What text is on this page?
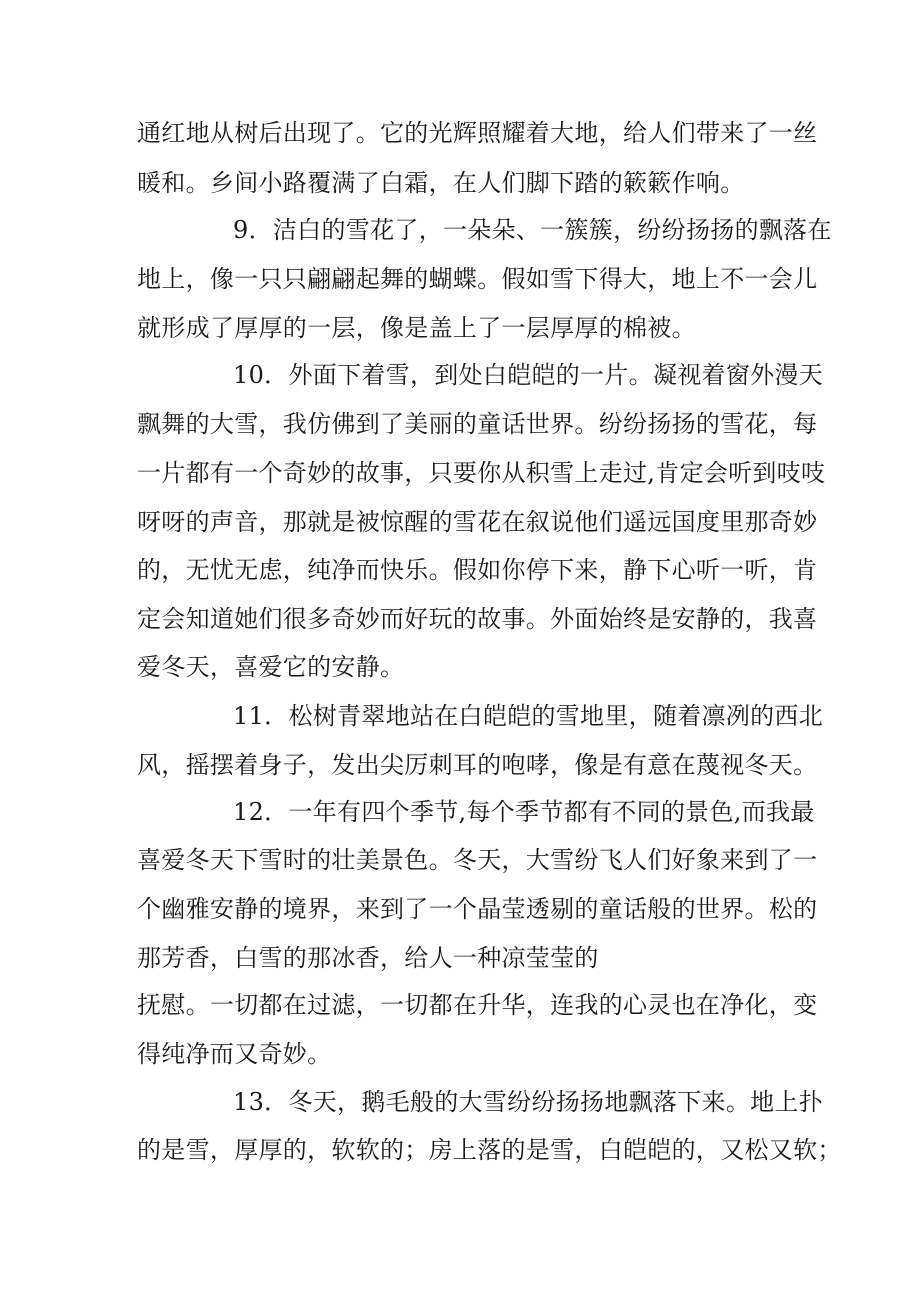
通红地从树后出现了。它的光辉照耀着大地，给人们带来了一丝
暖和。乡间小路覆满了白霜，在人们脚下踏的簌簌作响。
9．洁白的雪花了，一朵朵、一簇簇，纷纷扬扬的飘落在
地上，像一只只翩翩起舞的蝴蝶。假如雪下得大，地上不一会儿
就形成了厚厚的一层，像是盖上了一层厚厚的棉被。
10．外面下着雪，到处白皑皑的一片。凝视着窗外漫天
飘舞的大雪，我仿佛到了美丽的童话世界。纷纷扬扬的雪花，每
一片都有一个奇妙的故事，只要你从积雪上走过,肯定会听到吱吱
呀呀的声音，那就是被惊醒的雪花在叙说他们遥远国度里那奇妙
的，无忧无虑，纯净而快乐。假如你停下来，静下心听一听，肯
定会知道她们很多奇妙而好玩的故事。外面始终是安静的，我喜
爱冬天，喜爱它的安静。
11．松树青翠地站在白皑皑的雪地里，随着凛冽的西北
风，摇摆着身子，发出尖厉刺耳的咆哮，像是有意在蔑视冬天。
12．一年有四个季节,每个季节都有不同的景色,而我最
喜爱冬天下雪时的壮美景色。冬天，大雪纷飞人们好象来到了一
个幽雅安静的境界，来到了一个晶莹透剔的童话般的世界。松的
那芳香，白雪的那冰香，给人一种凉莹莹的
抚慰。一切都在过滤，一切都在升华，连我的心灵也在净化，变
得纯净而又奇妙。
13．冬天，鹅毛般的大雪纷纷扬扬地飘落下来。地上扑
的是雪，厚厚的，软软的；房上落的是雪，白皑皑的，又松又软；
